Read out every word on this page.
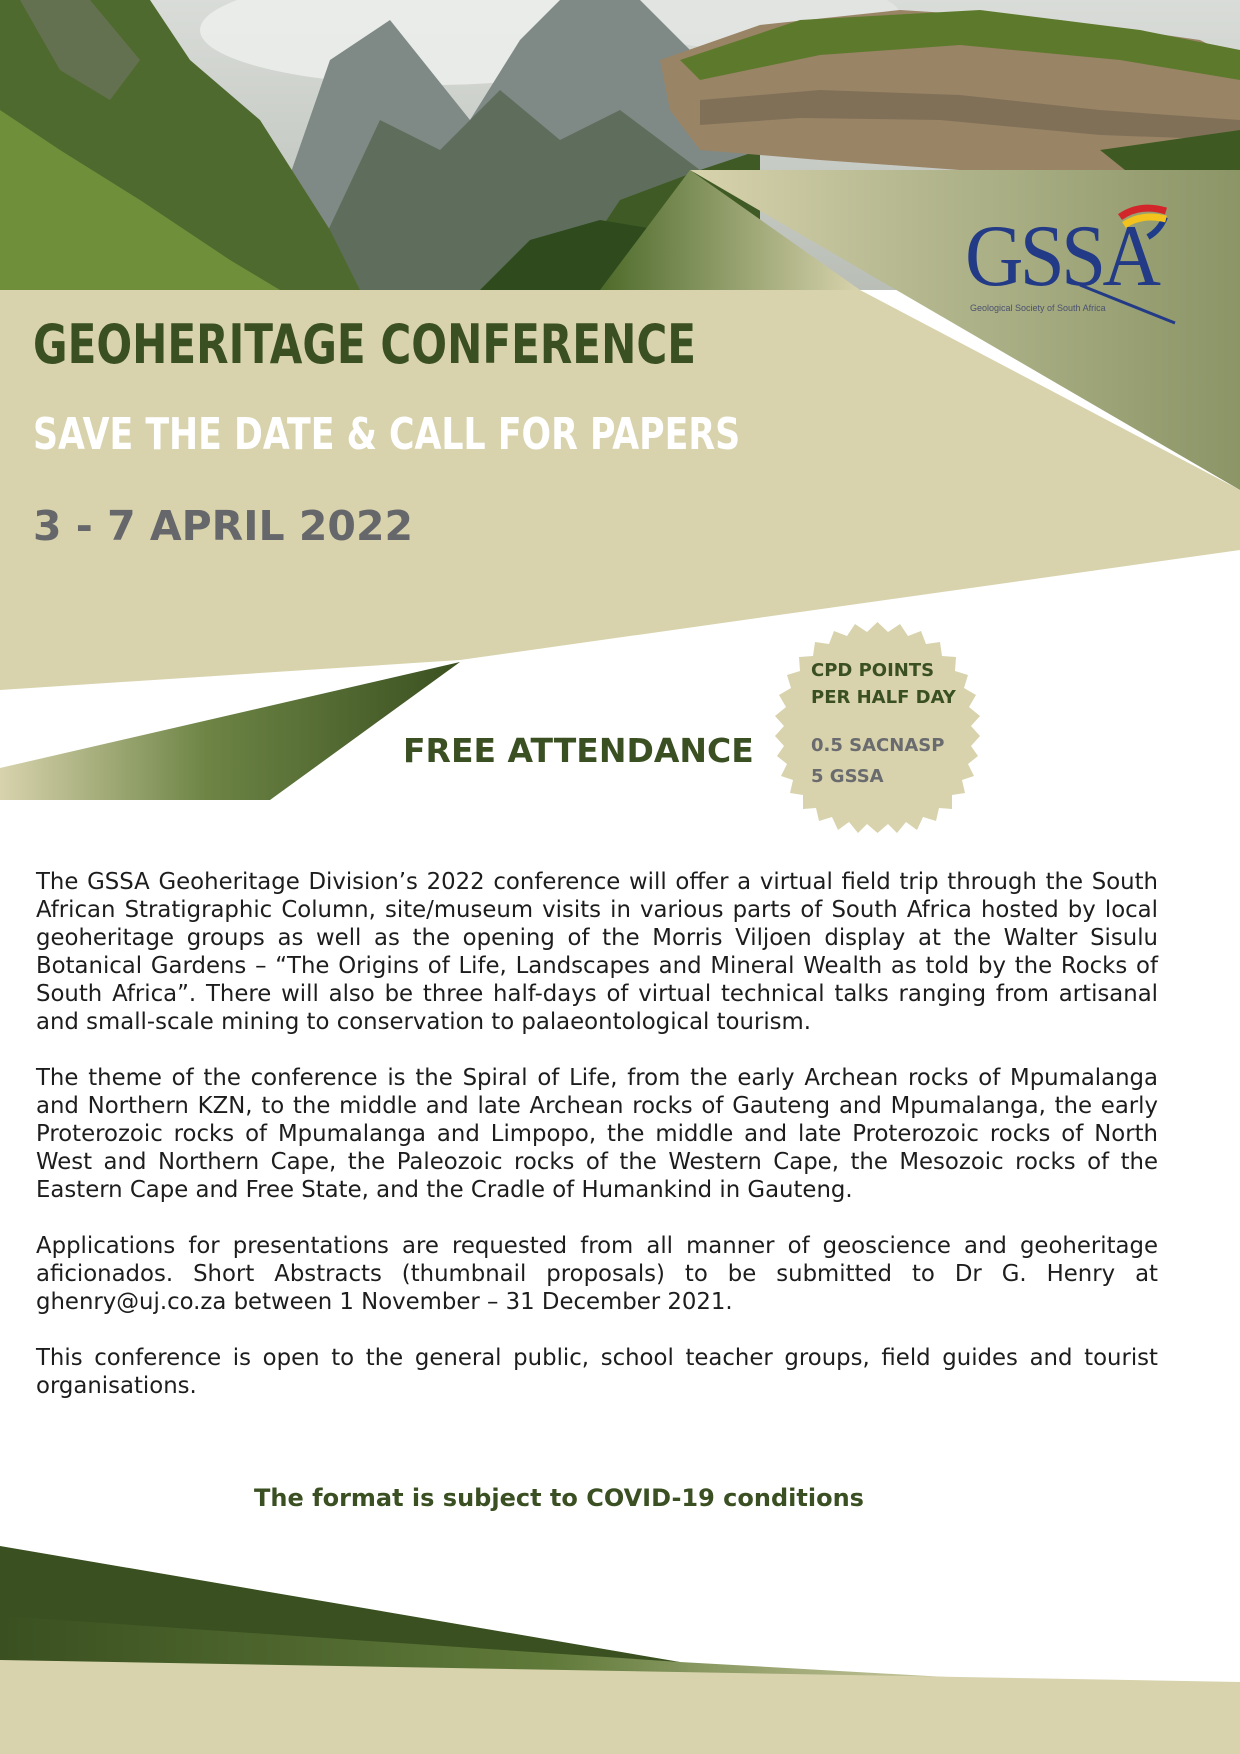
GSSA
Geological Society of South Africa
GEOHERITAGE CONFERENCE
SAVE THE DATE & CALL FOR PAPERS
3 - 7 APRIL 2022
FREE ATTENDANCE
CPD POINTS
PER HALF DAY
0.5 SACNASP
5 GSSA

The GSSA Geoheritage Division’s 2022 conference will offer a virtual field trip through the South African Stratigraphic Column, site/museum visits in various parts of South Africa hosted by local geoheritage groups as well as the opening of the Morris Viljoen display at the Walter Sisulu Botanical Gardens – “The Origins of Life, Landscapes and Mineral Wealth as told by the Rocks of South Africa”. There will also be three half-days of virtual technical talks ranging from artisanal and small-scale mining to conservation to palaeontological tourism.

The theme of the conference is the Spiral of Life, from the early Archean rocks of Mpumalanga and Northern KZN, to the middle and late Archean rocks of Gauteng and Mpumalanga, the early Proterozoic rocks of Mpumalanga and Limpopo, the middle and late Proterozoic rocks of North West and Northern Cape, the Paleozoic rocks of the Western Cape, the Mesozoic rocks of the Eastern Cape and Free State, and the Cradle of Humankind in Gauteng.

Applications for presentations are requested from all manner of geoscience and geoheritage aficionados. Short Abstracts (thumbnail proposals) to be submitted to Dr G. Henry at ghenry@uj.co.za between 1 November – 31 December 2021.

This conference is open to the general public, school teacher groups, field guides and tourist organisations.

The format is subject to COVID-19 conditions
